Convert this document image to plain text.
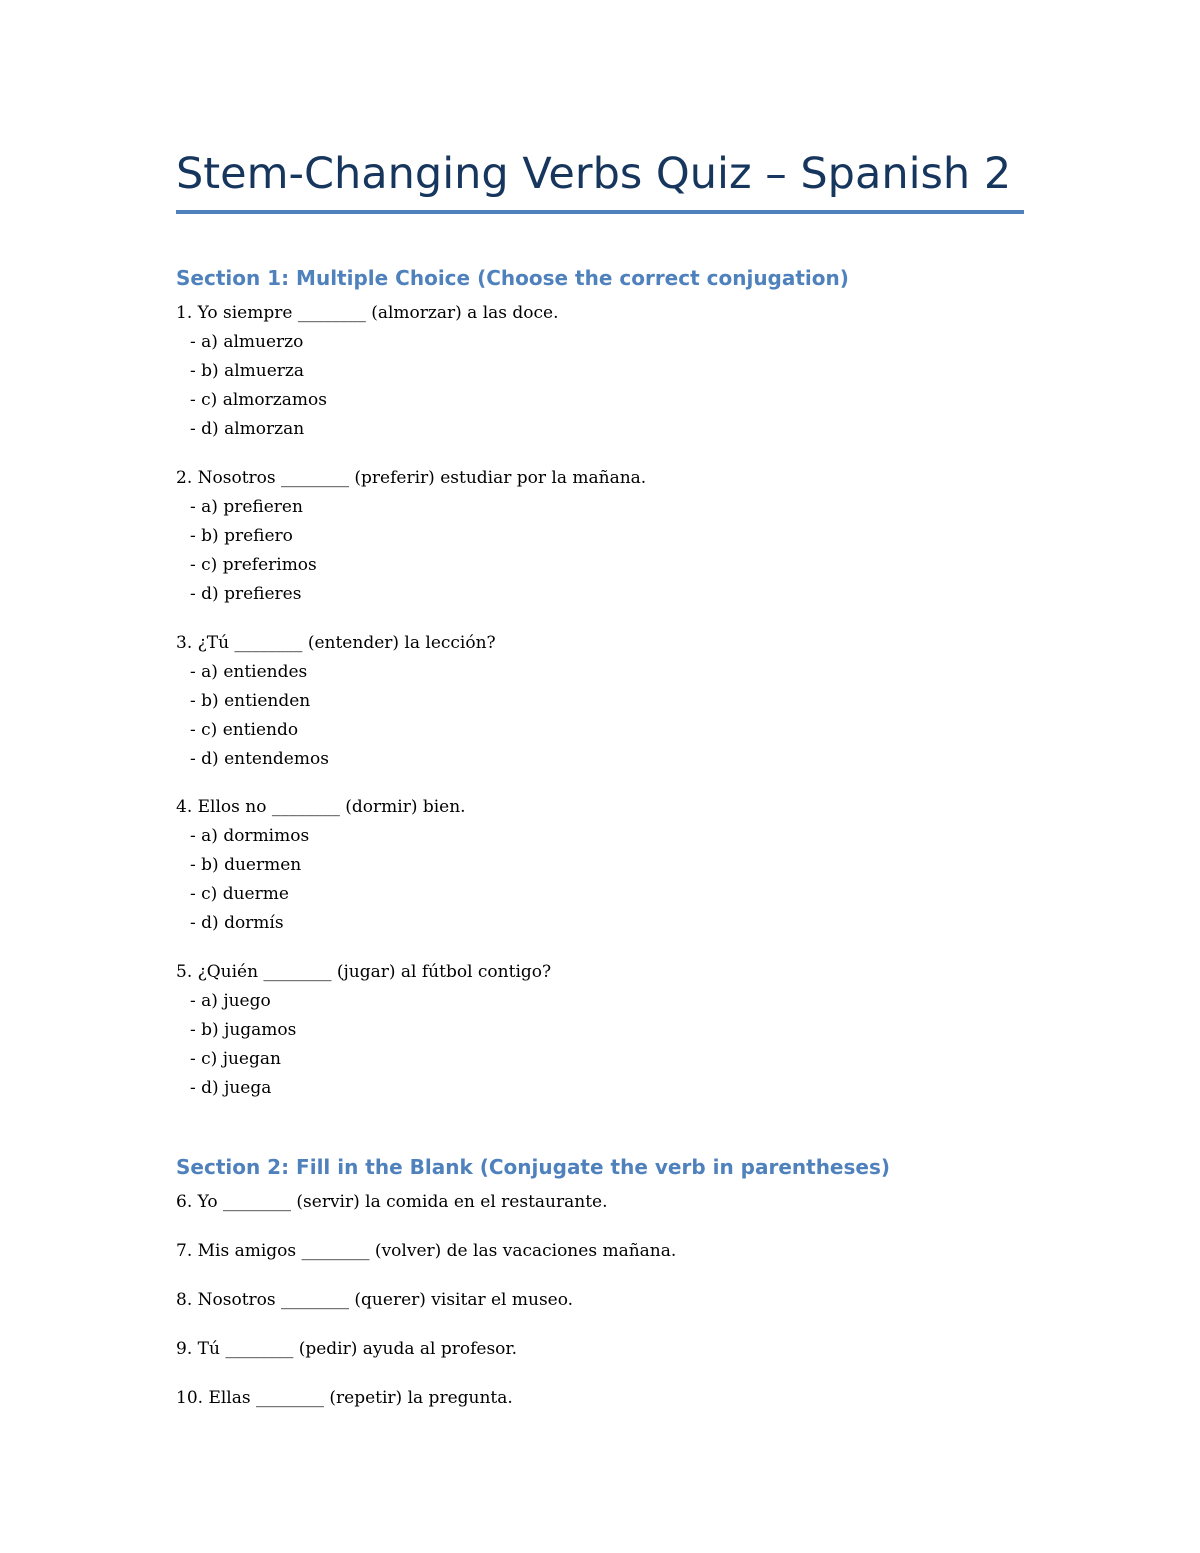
Stem-Changing Verbs Quiz – Spanish 2
Section 1: Multiple Choice (Choose the correct conjugation)

1. Yo siempre ________ (almorzar) a las doce.

- a) almuerzo

- b) almuerza

- c) almorzamos

- d) almorzan

2. Nosotros ________ (preferir) estudiar por la mañana.

- a) prefieren

- b) prefiero

- c) preferimos

- d) prefieres

3. ¿Tú ________ (entender) la lección?

- a) entiendes

- b) entienden

- c) entiendo

- d) entendemos

4. Ellos no ________ (dormir) bien.

- a) dormimos

- b) duermen

- c) duerme

- d) dormís

5. ¿Quién ________ (jugar) al fútbol contigo?

- a) juego

- b) jugamos

- c) juegan

- d) juega

Section 2: Fill in the Blank (Conjugate the verb in parentheses)

6. Yo ________ (servir) la comida en el restaurante.

7. Mis amigos ________ (volver) de las vacaciones mañana.

8. Nosotros ________ (querer) visitar el museo.

9. Tú ________ (pedir) ayuda al profesor.

10. Ellas ________ (repetir) la pregunta.
